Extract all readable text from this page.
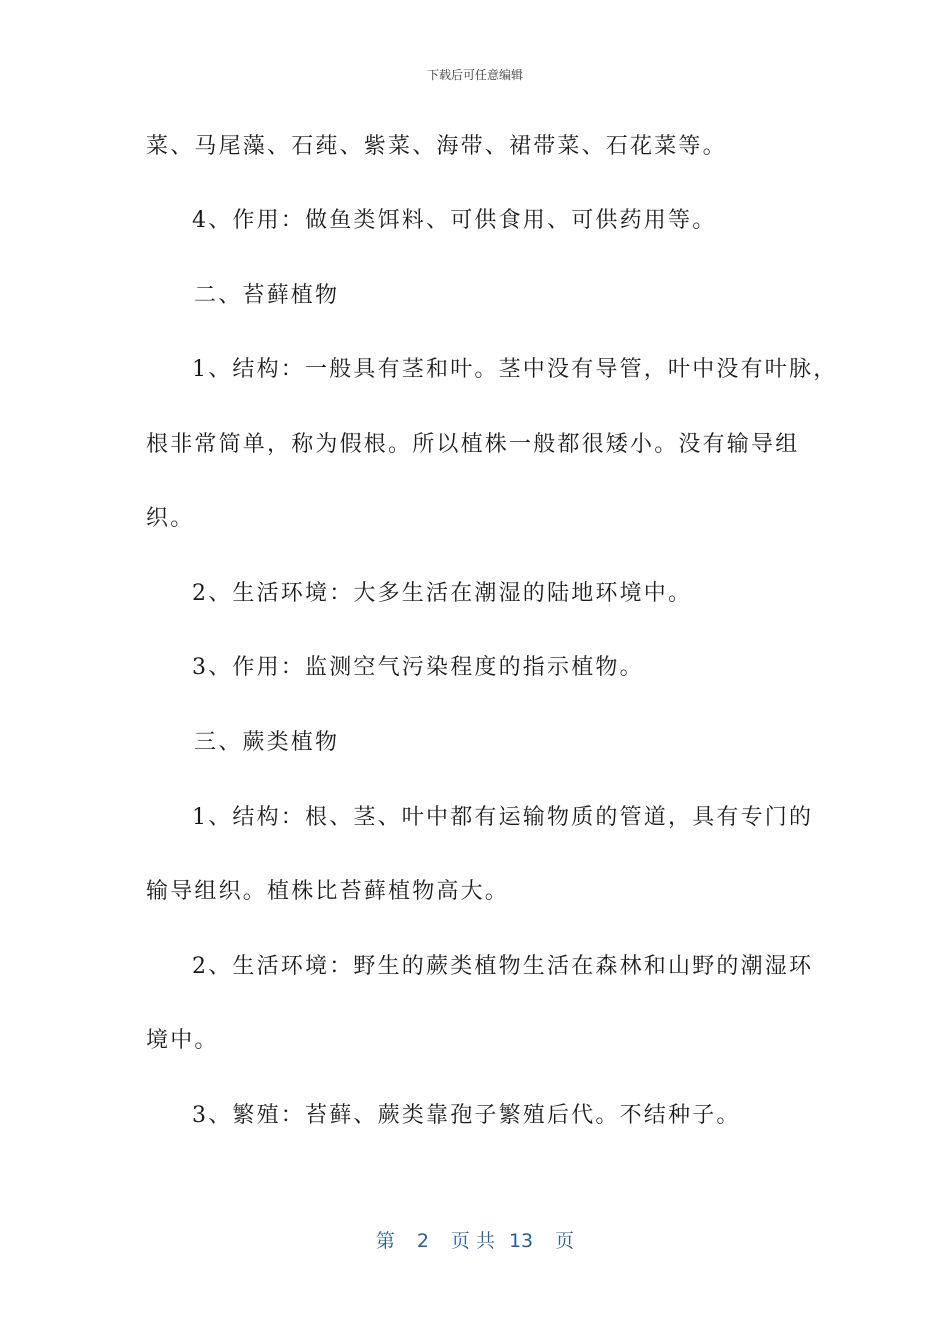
下载后可任意编辑
菜、马尾藻、石莼、紫菜、海带、裙带菜、石花菜等。
4、作用：做鱼类饵料、可供食用、可供药用等。
二、苔藓植物
1、结构：一般具有茎和叶。茎中没有导管，叶中没有叶脉，
根非常简单，称为假根。所以植株一般都很矮小。没有输导组
织。
2、生活环境：大多生活在潮湿的陆地环境中。
3、作用：监测空气污染程度的指示植物。
三、蕨类植物
1、结构：根、茎、叶中都有运输物质的管道，具有专门的
输导组织。植株比苔藓植物高大。
2、生活环境：野生的蕨类植物生活在森林和山野的潮湿环
境中。
3、繁殖：苔藓、蕨类靠孢子繁殖后代。不结种子。
第 2 页 共 13 页
